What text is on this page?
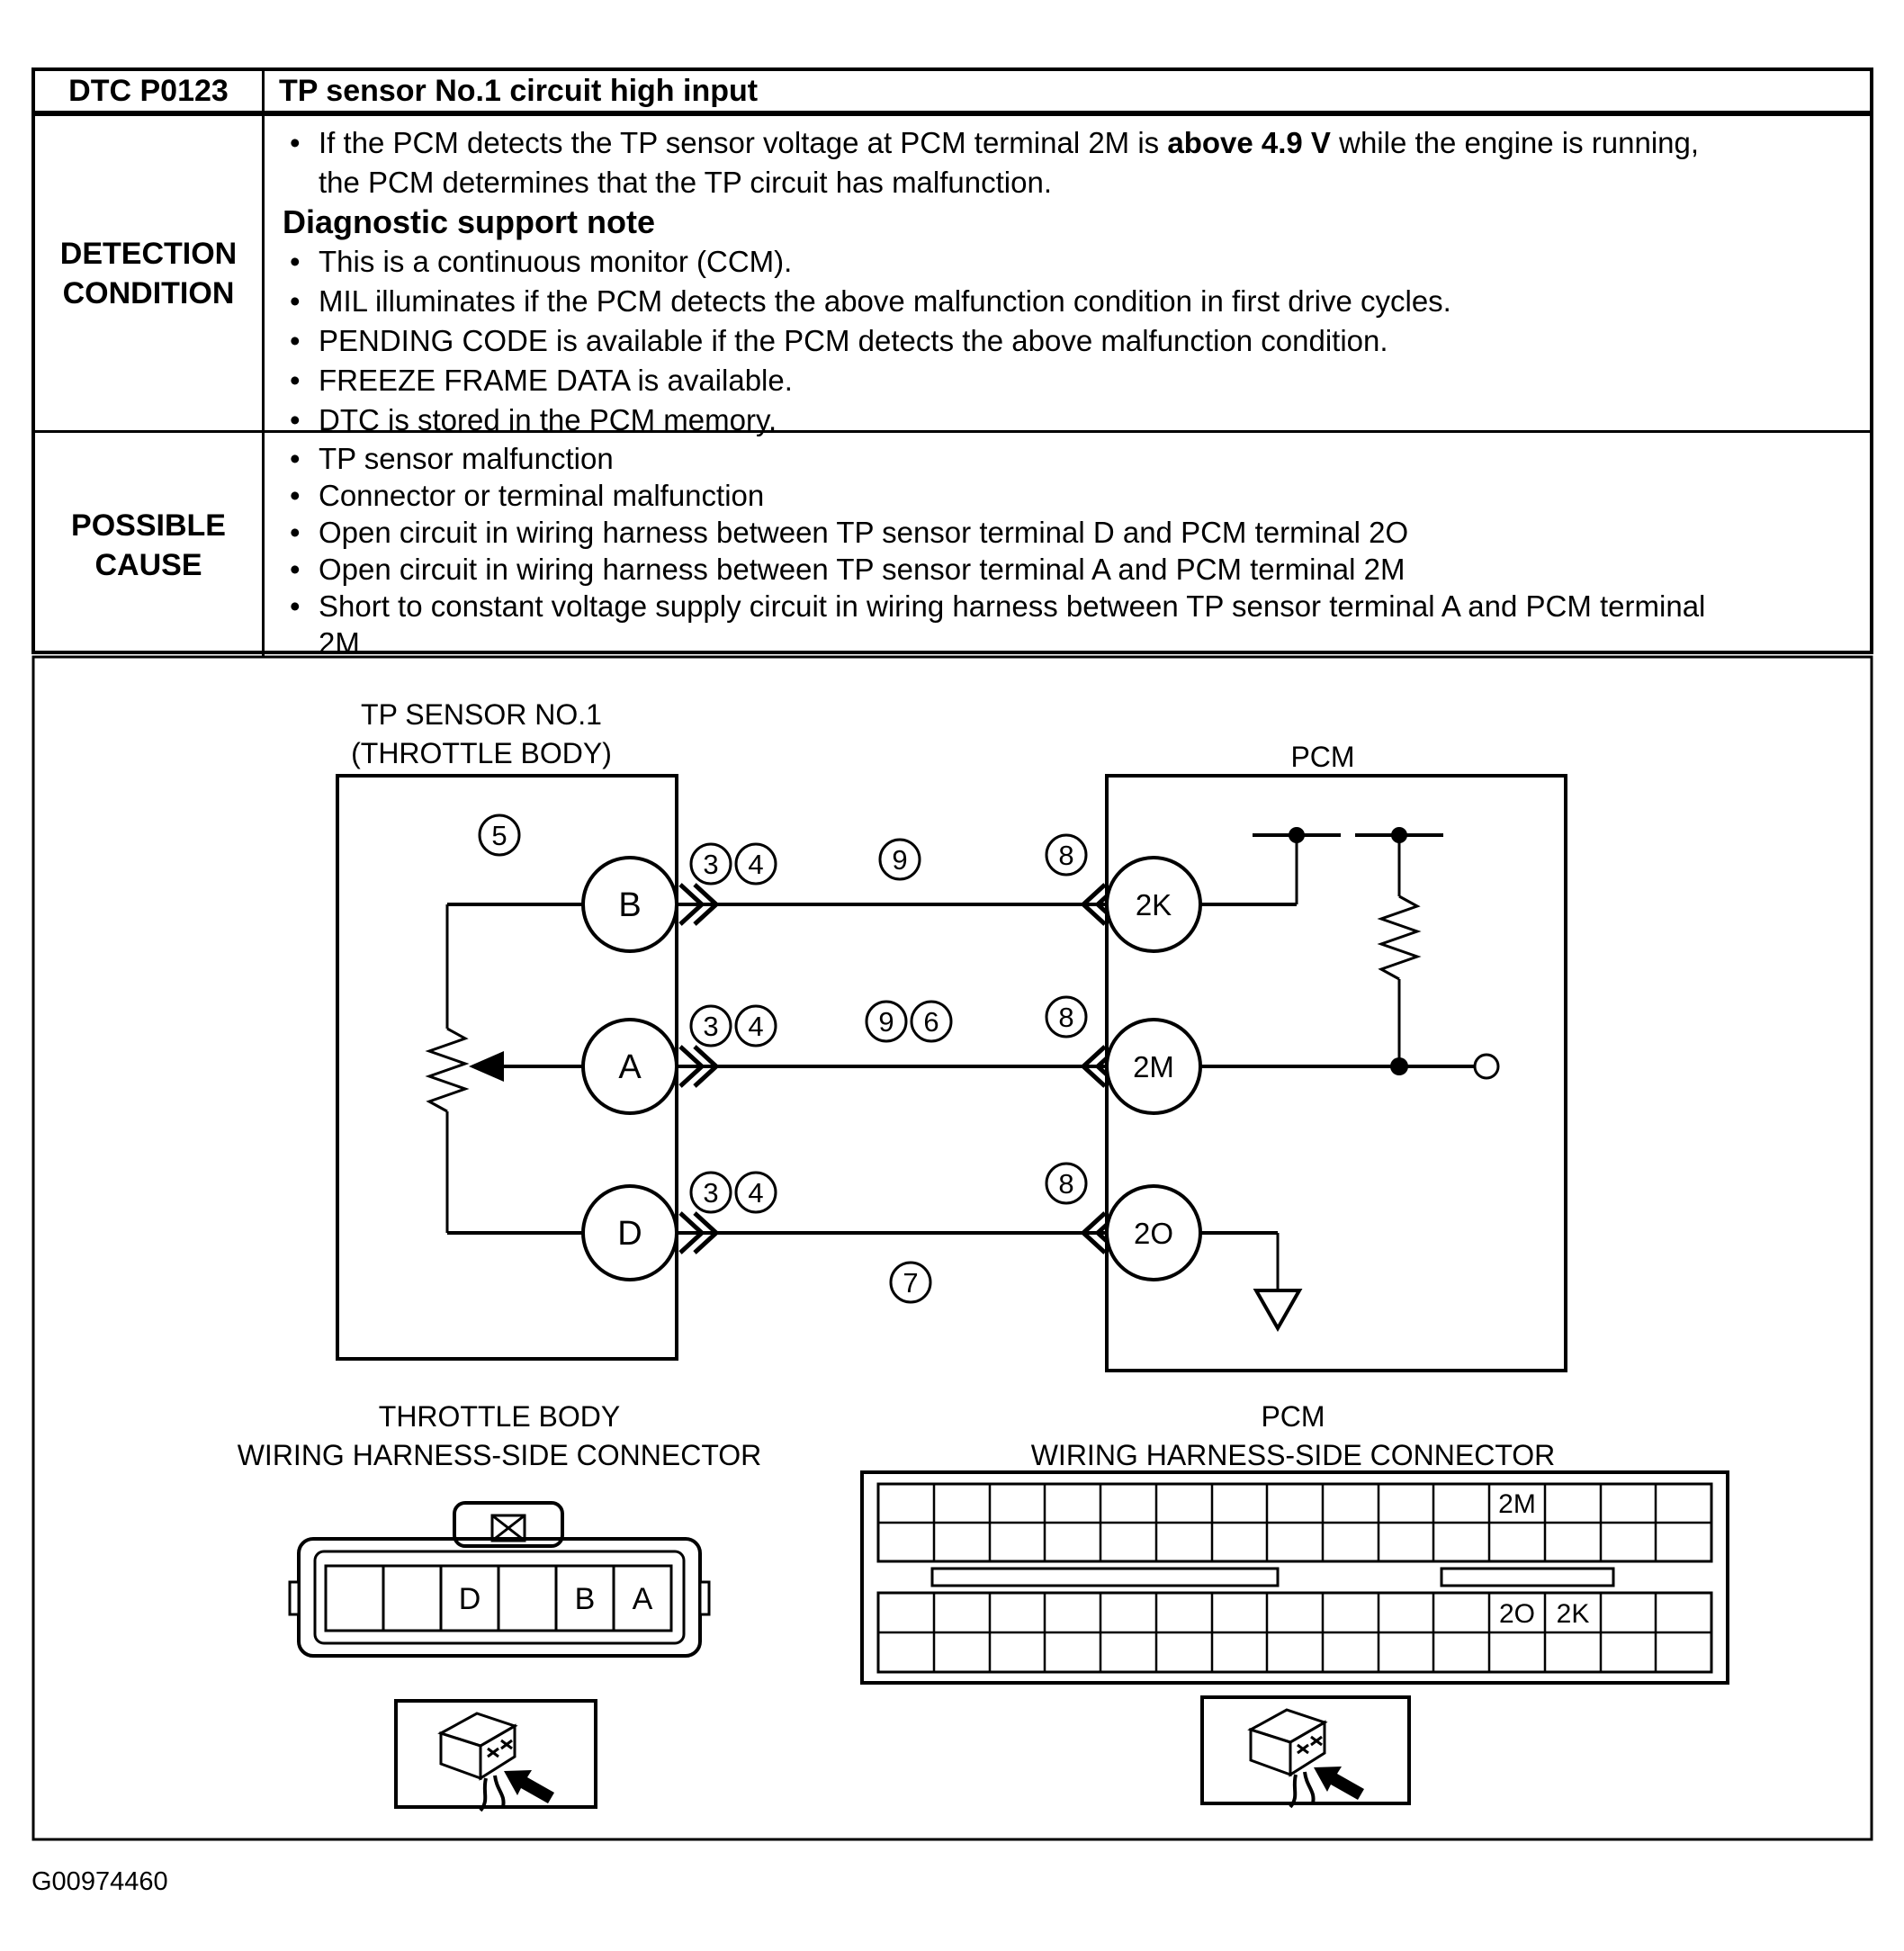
DTC P0123 TP sensor No.1 circuit high input
DETECTION
CONDITION
• If the PCM detects the TP sensor voltage at PCM terminal 2M is above 4.9 V while the engine is running,
the PCM determines that the TP circuit has malfunction.
Diagnostic support note
• This is a continuous monitor (CCM).
• MIL illuminates if the PCM detects the above malfunction condition in first drive cycles.
• PENDING CODE is available if the PCM detects the above malfunction condition.
• FREEZE FRAME DATA is available.
• DTC is stored in the PCM memory.
POSSIBLE
CAUSE
• TP sensor malfunction
• Connector or terminal malfunction
• Open circuit in wiring harness between TP sensor terminal D and PCM terminal 2O
• Open circuit in wiring harness between TP sensor terminal A and PCM terminal 2M
• Short to constant voltage supply circuit in wiring harness between TP sensor terminal A and PCM terminal
2M
TP SENSOR NO.1
(THROTTLE BODY)	PCM
B
A
D
2K
2M
2O
5
3 4	9	8
3 4	9 6	8
3 4	8
7
THROTTLE BODY
WIRING HARNESS-SIDE CONNECTOR
D	B A
PCM
WIRING HARNESS-SIDE CONNECTOR
2M
2O 2K
G00974460
